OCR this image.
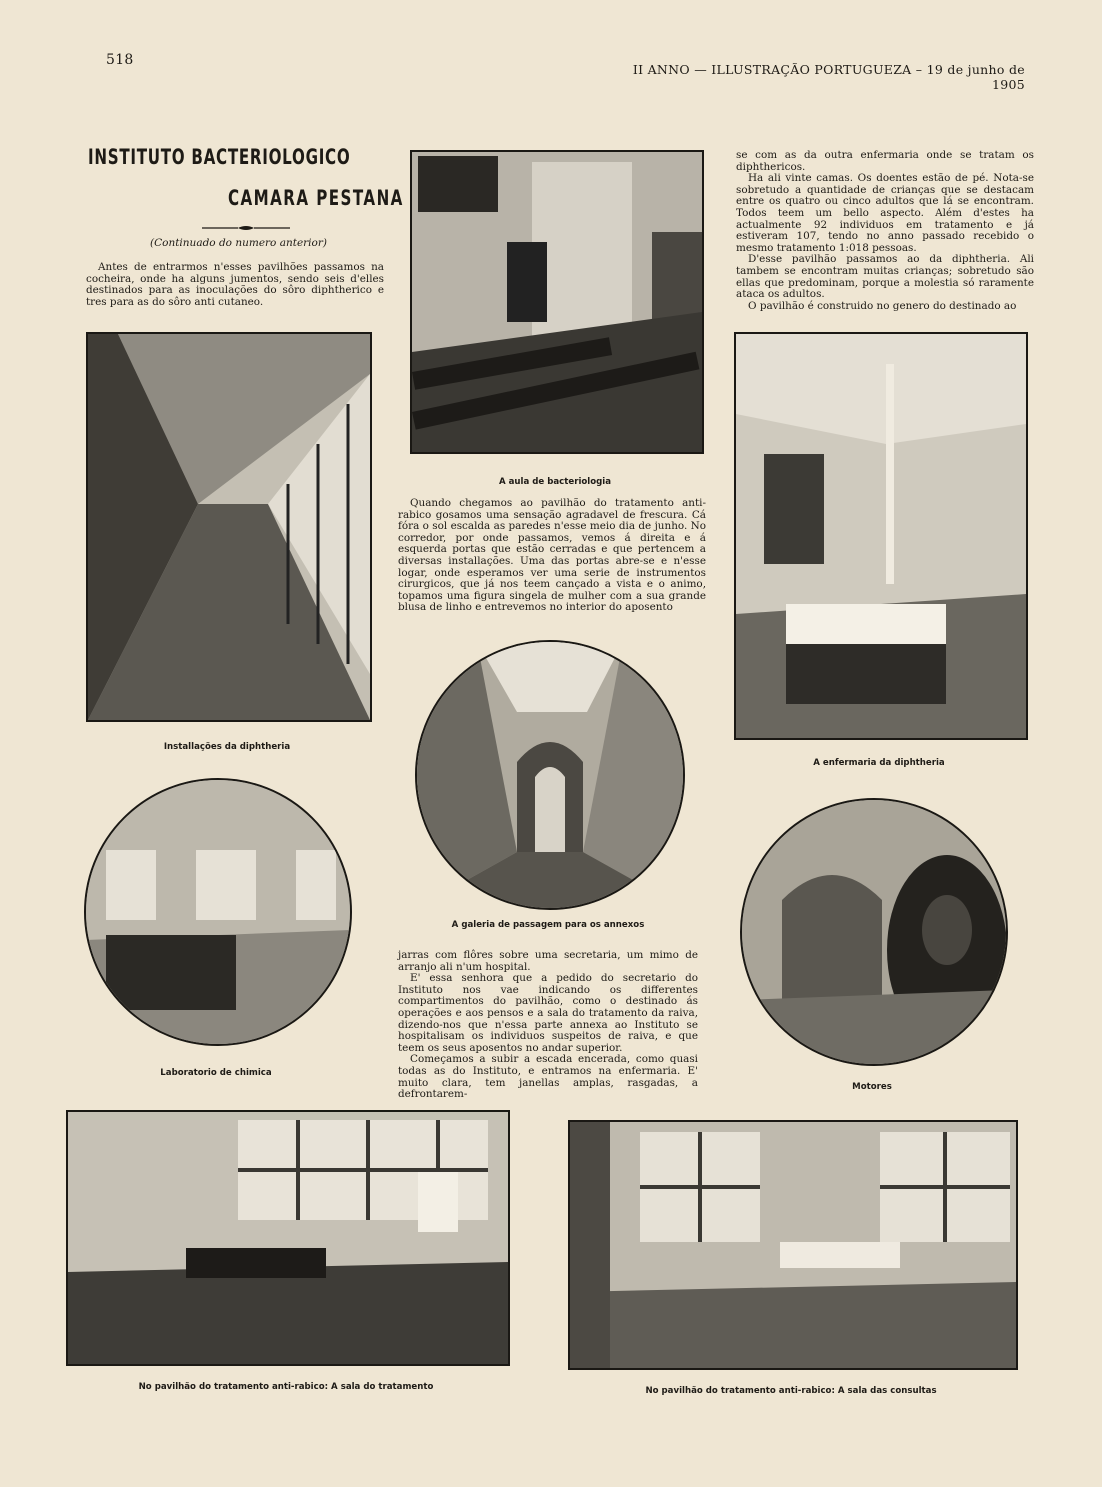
518
II ANNO — ILLUSTRAÇÃO PORTUGUEZA – 19 de junho de 1905
INSTITUTO BACTERIOLOGICO
CAMARA PESTANA
(Continuado do numero anterior)

Antes de entrarmos n'esses pavilhões passamos na cocheira, onde ha alguns jumentos, sendo seis d'elles destinados para as inoculações do sôro diphtherico e tres para as do sôro anti cutaneo.

se com as da outra enfermaria onde se tratam os diphthericos.

Ha ali vinte camas. Os doentes estão de pé. Nota-se sobretudo a quantidade de crianças que se destacam entre os quatro ou cinco adultos que lá se encontram. Todos teem um bello aspecto. Além d'estes ha actualmente 92 individuos em tratamento e já estiveram 107, tendo no anno passado recebido o mesmo tratamento 1:018 pessoas.

D'esse pavilhão passamos ao da diphtheria. Ali tambem se encontram muitas crianças; sobretudo são ellas que predominam, porque a molestia só raramente ataca os adultos.

O pavilhão é construido no genero do destinado ao

Quando chegamos ao pavilhão do tratamento anti-rabico gosamos uma sensação agradavel de frescura. Cá fóra o sol escalda as paredes n'esse meio dia de junho. No corredor, por onde passamos, vemos á direita e á esquerda portas que estão cerradas e que pertencem a diversas installações. Uma das portas abre-se e n'esse logar, onde esperamos ver uma serie de instrumentos cirurgicos, que já nos teem cançado a vista e o animo, topamos uma figura singela de mulher com a sua grande blusa de linho e entrevemos no interior do aposento

jarras com flôres sobre uma secretaria, um mimo de arranjo ali n'um hospital.

E' essa senhora que a pedido do secretario do Instituto nos vae indicando os differentes compartimentos do pavilhão, como o destinado ás operações e aos pensos e a sala do tratamento da raiva, dizendo-nos que n'essa parte annexa ao Instituto se hospitalisam os individuos suspeitos de raiva, e que teem os seus aposentos no andar superior.

Começamos a subir a escada encerada, como quasi todas as do Instituto, e entramos na enfermaria. E' muito clara, tem janellas amplas, rasgadas, a defrontarem-

A aula de bacteriologia
Installações da diphtheria
A enfermaria da diphtheria
A galeria de passagem para os annexos
Laboratorio de chimica
Motores
No pavilhão do tratamento anti-rabico: A sala do tratamento	No pavilhão do tratamento anti-rabico: A sala das consultas
